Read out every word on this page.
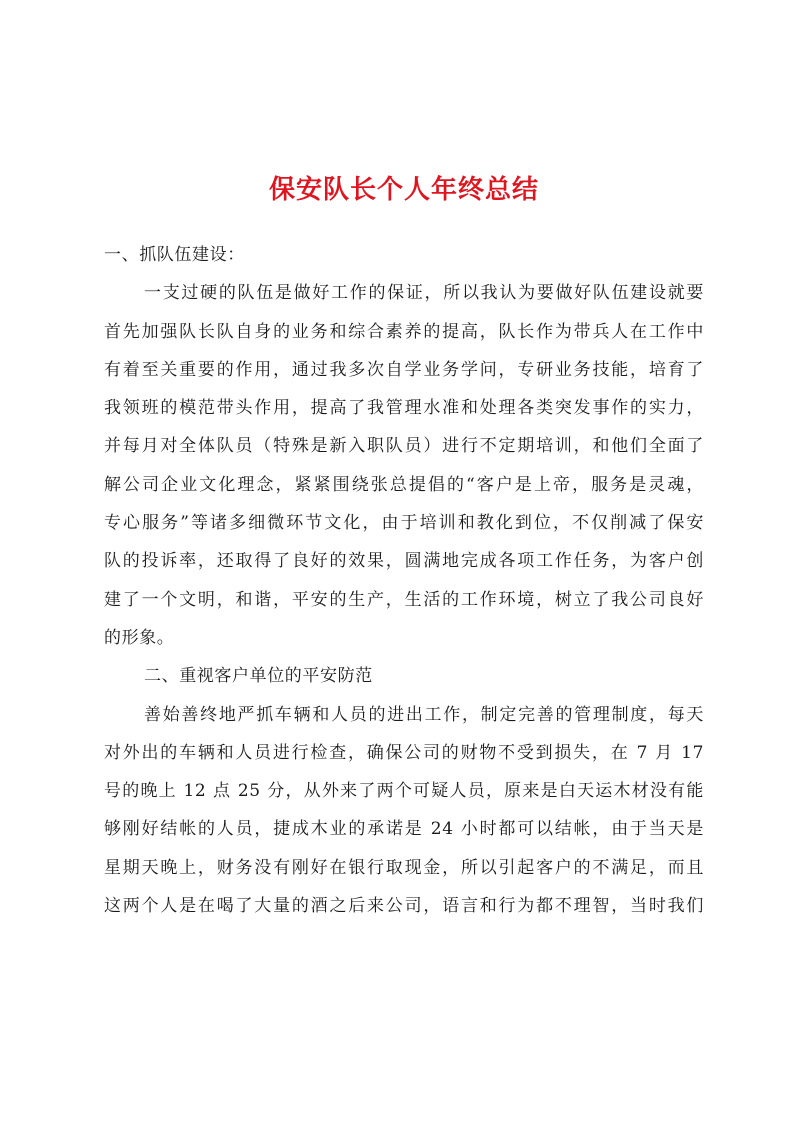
保安队长个人年终总结
一、抓队伍建设：
一支过硬的队伍是做好工作的保证，所以我认为要做好队伍建设就要
首先加强队长队自身的业务和综合素养的提高，队长作为带兵人在工作中
有着至关重要的作用，通过我多次自学业务学问，专研业务技能，培育了
我领班的模范带头作用，提高了我管理水准和处理各类突发事作的实力，
并每月对全体队员（特殊是新入职队员）进行不定期培训，和他们全面了
解公司企业文化理念，紧紧围绕张总提倡的“客户是上帝，服务是灵魂，
专心服务”等诸多细微环节文化，由于培训和教化到位，不仅削减了保安
队的投诉率，还取得了良好的效果，圆满地完成各项工作任务，为客户创
建了一个文明，和谐，平安的生产，生活的工作环境，树立了我公司良好
的形象。
二、重视客户单位的平安防范
善始善终地严抓车辆和人员的进出工作，制定完善的管理制度，每天
对外出的车辆和人员进行检查，确保公司的财物不受到损失，在 7 月 17
号的晚上 12 点 25 分，从外来了两个可疑人员，原来是白天运木材没有能
够刚好结帐的人员，捷成木业的承诺是 24 小时都可以结帐，由于当天是
星期天晚上，财务没有刚好在银行取现金，所以引起客户的不满足，而且
这两个人是在喝了大量的酒之后来公司，语言和行为都不理智，当时我们
